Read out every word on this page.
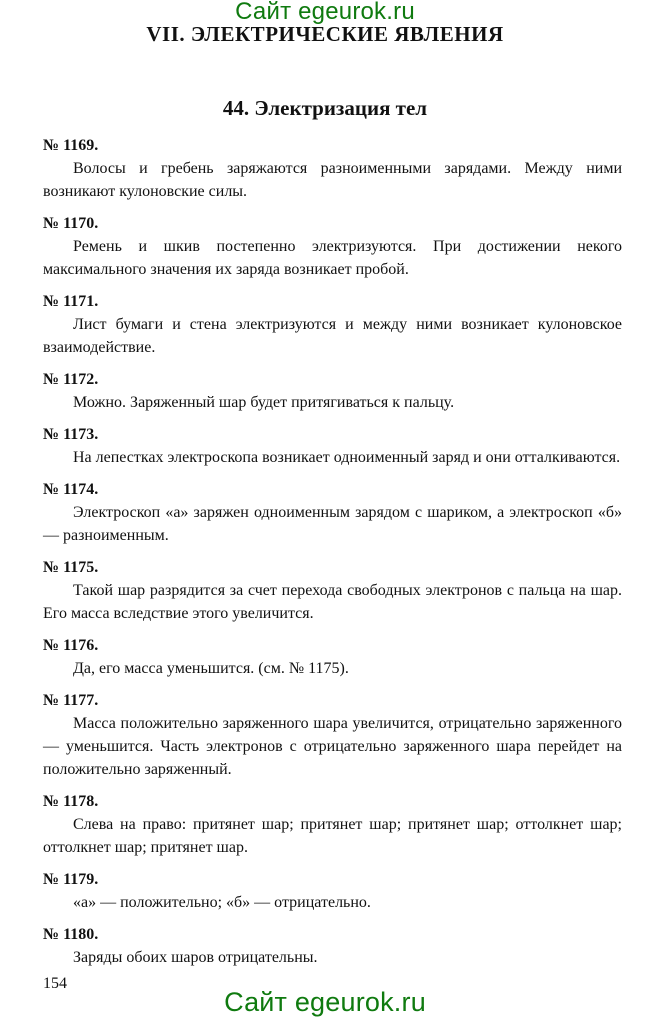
Сайт egeurok.ru
VII. ЭЛЕКТРИЧЕСКИЕ ЯВЛЕНИЯ
44. Электризация тел
№ 1169.

Волосы и гребень заряжаются разноименными зарядами. Между ними возникают кулоновские силы.

№ 1170.

Ремень и шкив постепенно электризуются. При достижении некого максимального значения их заряда возникает пробой.

№ 1171.

Лист бумаги и стена электризуются и между ними возникает кулоновское взаимодействие.

№ 1172.

Можно. Заряженный шар будет притягиваться к пальцу.

№ 1173.

На лепестках электроскопа возникает одноименный заряд и они отталкиваются.

№ 1174.

Электроскоп «а» заряжен одноименным зарядом с шариком, а электроскоп «б» — разноименным.

№ 1175.

Такой шар разрядится за счет перехода свободных электронов с пальца на шар. Его масса вследствие этого увеличится.

№ 1176.

Да, его масса уменьшится. (см. № 1175).

№ 1177.

Масса положительно заряженного шара увеличится, отрицательно заряженного — уменьшится. Часть электронов с отрицательно заряженного шара перейдет на положительно заряженный.

№ 1178.

Слева на право: притянет шар; притянет шар; притянет шар; оттолкнет шар; оттолкнет шар; притянет шар.

№ 1179.

«а» — положительно; «б» — отрицательно.

№ 1180.

Заряды обоих шаров отрицательны.

154
Сайт egeurok.ru
